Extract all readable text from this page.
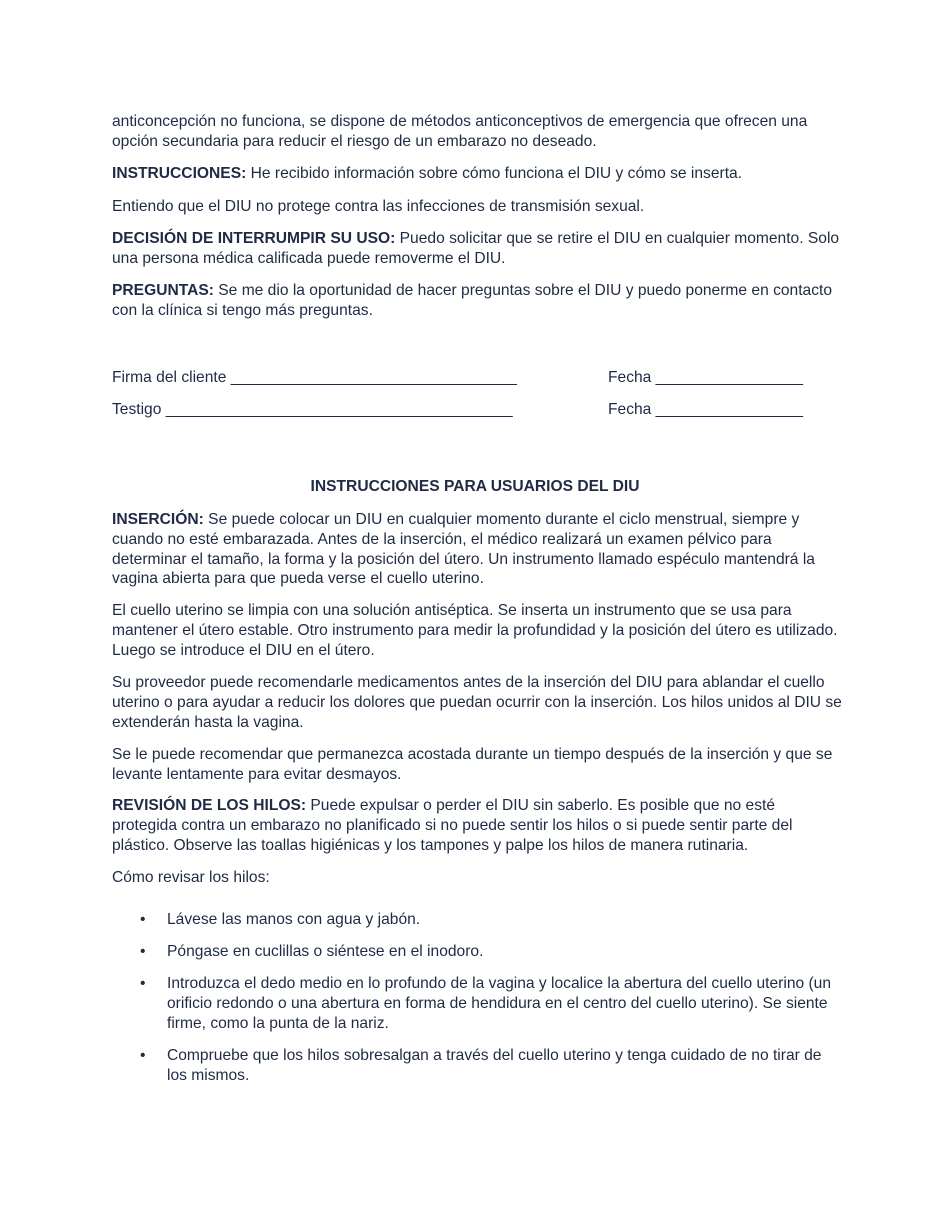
anticoncepción no funciona, se dispone de métodos anticonceptivos de emergencia que ofrecen una opción secundaria para reducir el riesgo de un embarazo no deseado.

INSTRUCCIONES: He recibido información sobre cómo funciona el DIU y cómo se inserta.

Entiendo que el DIU no protege contra las infecciones de transmisión sexual.

DECISIÓN DE INTERRUMPIR SU USO: Puedo solicitar que se retire el DIU en cualquier momento. Solo una persona médica calificada puede removerme el DIU.

PREGUNTAS: Se me dio la oportunidad de hacer preguntas sobre el DIU y puedo ponerme en contacto con la clínica si tengo más preguntas.

Firma del cliente _________________________________	Fecha _________________

Testigo ________________________________________	Fecha _________________

INSTRUCCIONES PARA USUARIOS DEL DIU

INSERCIÓN: Se puede colocar un DIU en cualquier momento durante el ciclo menstrual, siempre y cuando no esté embarazada. Antes de la inserción, el médico realizará un examen pélvico para determinar el tamaño, la forma y la posición del útero. Un instrumento llamado espéculo mantendrá la vagina abierta para que pueda verse el cuello uterino.

El cuello uterino se limpia con una solución antiséptica. Se inserta un instrumento que se usa para mantener el útero estable. Otro instrumento para medir la profundidad y la posición del útero es utilizado. Luego se introduce el DIU en el útero.

Su proveedor puede recomendarle medicamentos antes de la inserción del DIU para ablandar el cuello uterino o para ayudar a reducir los dolores que puedan ocurrir con la inserción. Los hilos unidos al DIU se extenderán hasta la vagina.

Se le puede recomendar que permanezca acostada durante un tiempo después de la inserción y que se levante lentamente para evitar desmayos.

REVISIÓN DE LOS HILOS: Puede expulsar o perder el DIU sin saberlo. Es posible que no esté protegida contra un embarazo no planificado si no puede sentir los hilos o si puede sentir parte del plástico. Observe las toallas higiénicas y los tampones y palpe los hilos de manera rutinaria.

Cómo revisar los hilos:

• Lávese las manos con agua y jabón.

• Póngase en cuclillas o siéntese en el inodoro.

• Introduzca el dedo medio en lo profundo de la vagina y localice la abertura del cuello uterino (un orificio redondo o una abertura en forma de hendidura en el centro del cuello uterino). Se siente firme, como la punta de la nariz.

• Compruebe que los hilos sobresalgan a través del cuello uterino y tenga cuidado de no tirar de los mismos.
